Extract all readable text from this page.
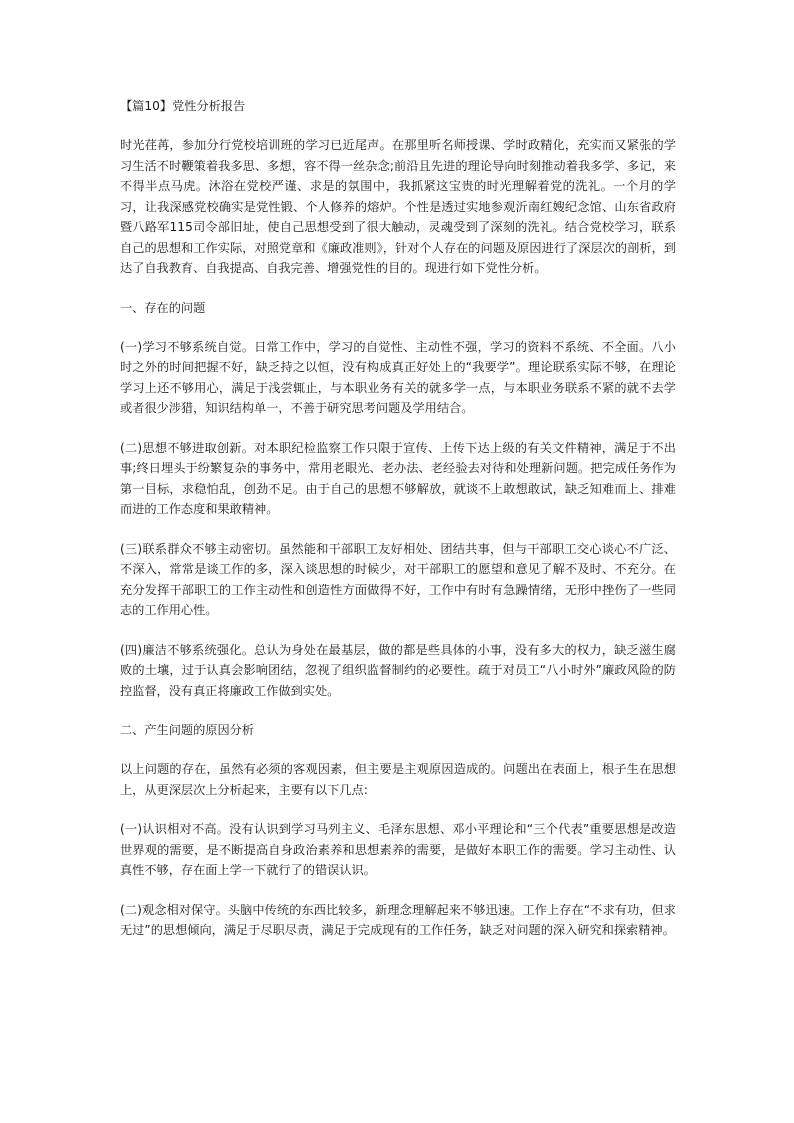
【篇10】党性分析报告

时光荏苒，参加分行党校培训班的学习已近尾声。在那里听名师授课、学时政精化，充实而又紧张的学习生活不时鞭策着我多思、多想，容不得一丝杂念;前沿且先进的理论导向时刻推动着我多学、多记，来不得半点马虎。沐浴在党校严谨、求是的氛围中，我抓紧这宝贵的时光理解着党的洗礼。一个月的学习，让我深感党校确实是党性锻、个人修养的熔炉。个性是透过实地参观沂南红嫂纪念馆、山东省政府暨八路军115司令部旧址，使自己思想受到了很大触动，灵魂受到了深刻的洗礼。结合党校学习，联系自己的思想和工作实际，对照党章和《廉政准则》，针对个人存在的问题及原因进行了深层次的剖析，到达了自我教育、自我提高、自我完善、增强党性的目的。现进行如下党性分析。

一、存在的问题

(一)学习不够系统自觉。日常工作中，学习的自觉性、主动性不强，学习的资料不系统、不全面。八小时之外的时间把握不好，缺乏持之以恒，没有构成真正好处上的“我要学”。理论联系实际不够，在理论学习上还不够用心，满足于浅尝辄止，与本职业务有关的就多学一点，与本职业务联系不紧的就不去学或者很少涉猎，知识结构单一，不善于研究思考问题及学用结合。

(二)思想不够进取创新。对本职纪检监察工作只限于宣传、上传下达上级的有关文件精神，满足于不出事;终日埋头于纷繁复杂的事务中，常用老眼光、老办法、老经验去对待和处理新问题。把完成任务作为第一目标，求稳怕乱，创劲不足。由于自己的思想不够解放，就谈不上敢想敢试，缺乏知难而上、排难而进的工作态度和果敢精神。

(三)联系群众不够主动密切。虽然能和干部职工友好相处、团结共事，但与干部职工交心谈心不广泛、不深入，常常是谈工作的多，深入谈思想的时候少，对干部职工的愿望和意见了解不及时、不充分。在充分发挥干部职工的工作主动性和创造性方面做得不好，工作中有时有急躁情绪，无形中挫伤了一些同志的工作用心性。

(四)廉洁不够系统强化。总认为身处在最基层，做的都是些具体的小事，没有多大的权力，缺乏滋生腐败的土壤，过于认真会影响团结，忽视了组织监督制约的必要性。疏于对员工“八小时外”廉政风险的防控监督，没有真正将廉政工作做到实处。

二、产生问题的原因分析

以上问题的存在，虽然有必须的客观因素，但主要是主观原因造成的。问题出在表面上，根子生在思想上，从更深层次上分析起来，主要有以下几点:

(一)认识相对不高。没有认识到学习马列主义、毛泽东思想、邓小平理论和“三个代表”重要思想是改造世界观的需要，是不断提高自身政治素养和思想素养的需要，是做好本职工作的需要。学习主动性、认真性不够，存在面上学一下就行了的错误认识。

(二)观念相对保守。头脑中传统的东西比较多，新理念理解起来不够迅速。工作上存在“不求有功，但求无过”的思想倾向，满足于尽职尽责，满足于完成现有的工作任务，缺乏对问题的深入研究和探索精神。
